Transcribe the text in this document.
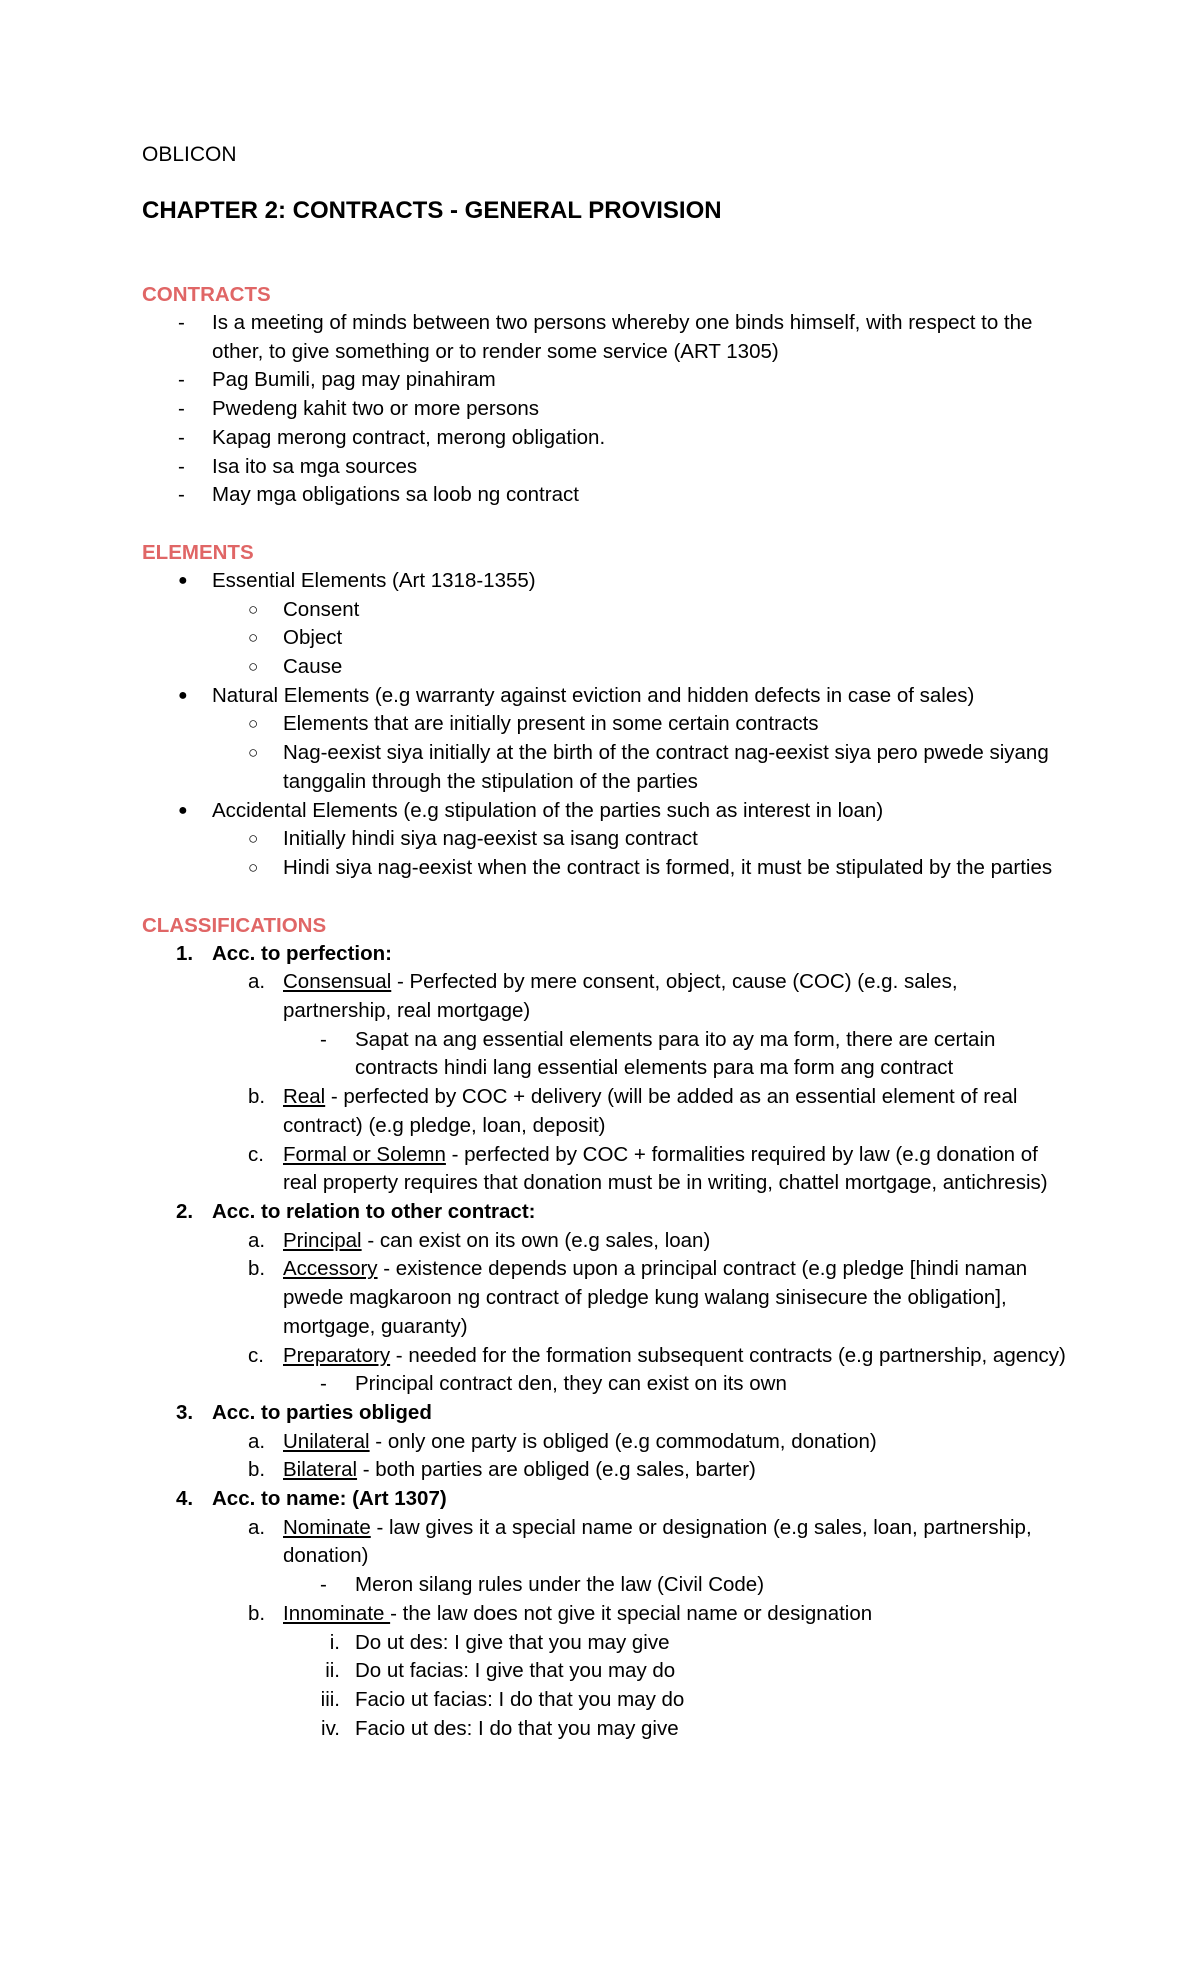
OBLICON

CHAPTER 2: CONTRACTS - GENERAL PROVISION
CONTRACTS
-	Is a meeting of minds between two persons whereby one binds himself, with respect to the other, to give something or to render some service (ART 1305)
-	Pag Bumili, pag may pinahiram
-	Pwedeng kahit two or more persons
-	Kapag merong contract, merong obligation.
-	Isa ito sa mga sources
-	May mga obligations sa loob ng contract
ELEMENTS
●	Essential Elements (Art 1318-1355)
○	Consent
○	Object
○	Cause
●	Natural Elements (e.g warranty against eviction and hidden defects in case of sales)
○	Elements that are initially present in some certain contracts
○	Nag-eexist siya initially at the birth of the contract nag-eexist siya pero pwede siyang tanggalin through the stipulation of the parties
●	Accidental Elements (e.g stipulation of the parties such as interest in loan)
○	Initially hindi siya nag-eexist sa isang contract
○	Hindi siya nag-eexist when the contract is formed, it must be stipulated by the parties
CLASSIFICATIONS
1. Acc. to perfection:
a. Consensual - Perfected by mere consent, object, cause (COC) (e.g. sales, partnership, real mortgage)
-	Sapat na ang essential elements para ito ay ma form, there are certain contracts hindi lang essential elements para ma form ang contract
b. Real - perfected by COC + delivery (will be added as an essential element of real contract) (e.g pledge, loan, deposit)
c. Formal or Solemn - perfected by COC + formalities required by law (e.g donation of real property requires that donation must be in writing, chattel mortgage, antichresis)
2. Acc. to relation to other contract:
a. Principal - can exist on its own (e.g sales, loan)
b. Accessory - existence depends upon a principal contract (e.g pledge [hindi naman pwede magkaroon ng contract of pledge kung walang sinisecure the obligation], mortgage, guaranty)
c. Preparatory - needed for the formation subsequent contracts (e.g partnership, agency)
-	Principal contract den, they can exist on its own
3. Acc. to parties obliged
a. Unilateral - only one party is obliged (e.g commodatum, donation)
b. Bilateral - both parties are obliged (e.g sales, barter)
4. Acc. to name: (Art 1307)
a. Nominate - law gives it a special name or designation (e.g sales, loan, partnership, donation)
-	Meron silang rules under the law (Civil Code)
b. Innominate - the law does not give it special name or designation
i. Do ut des: I give that you may give
ii. Do ut facias: I give that you may do
iii. Facio ut facias: I do that you may do
iv. Facio ut des: I do that you may give
